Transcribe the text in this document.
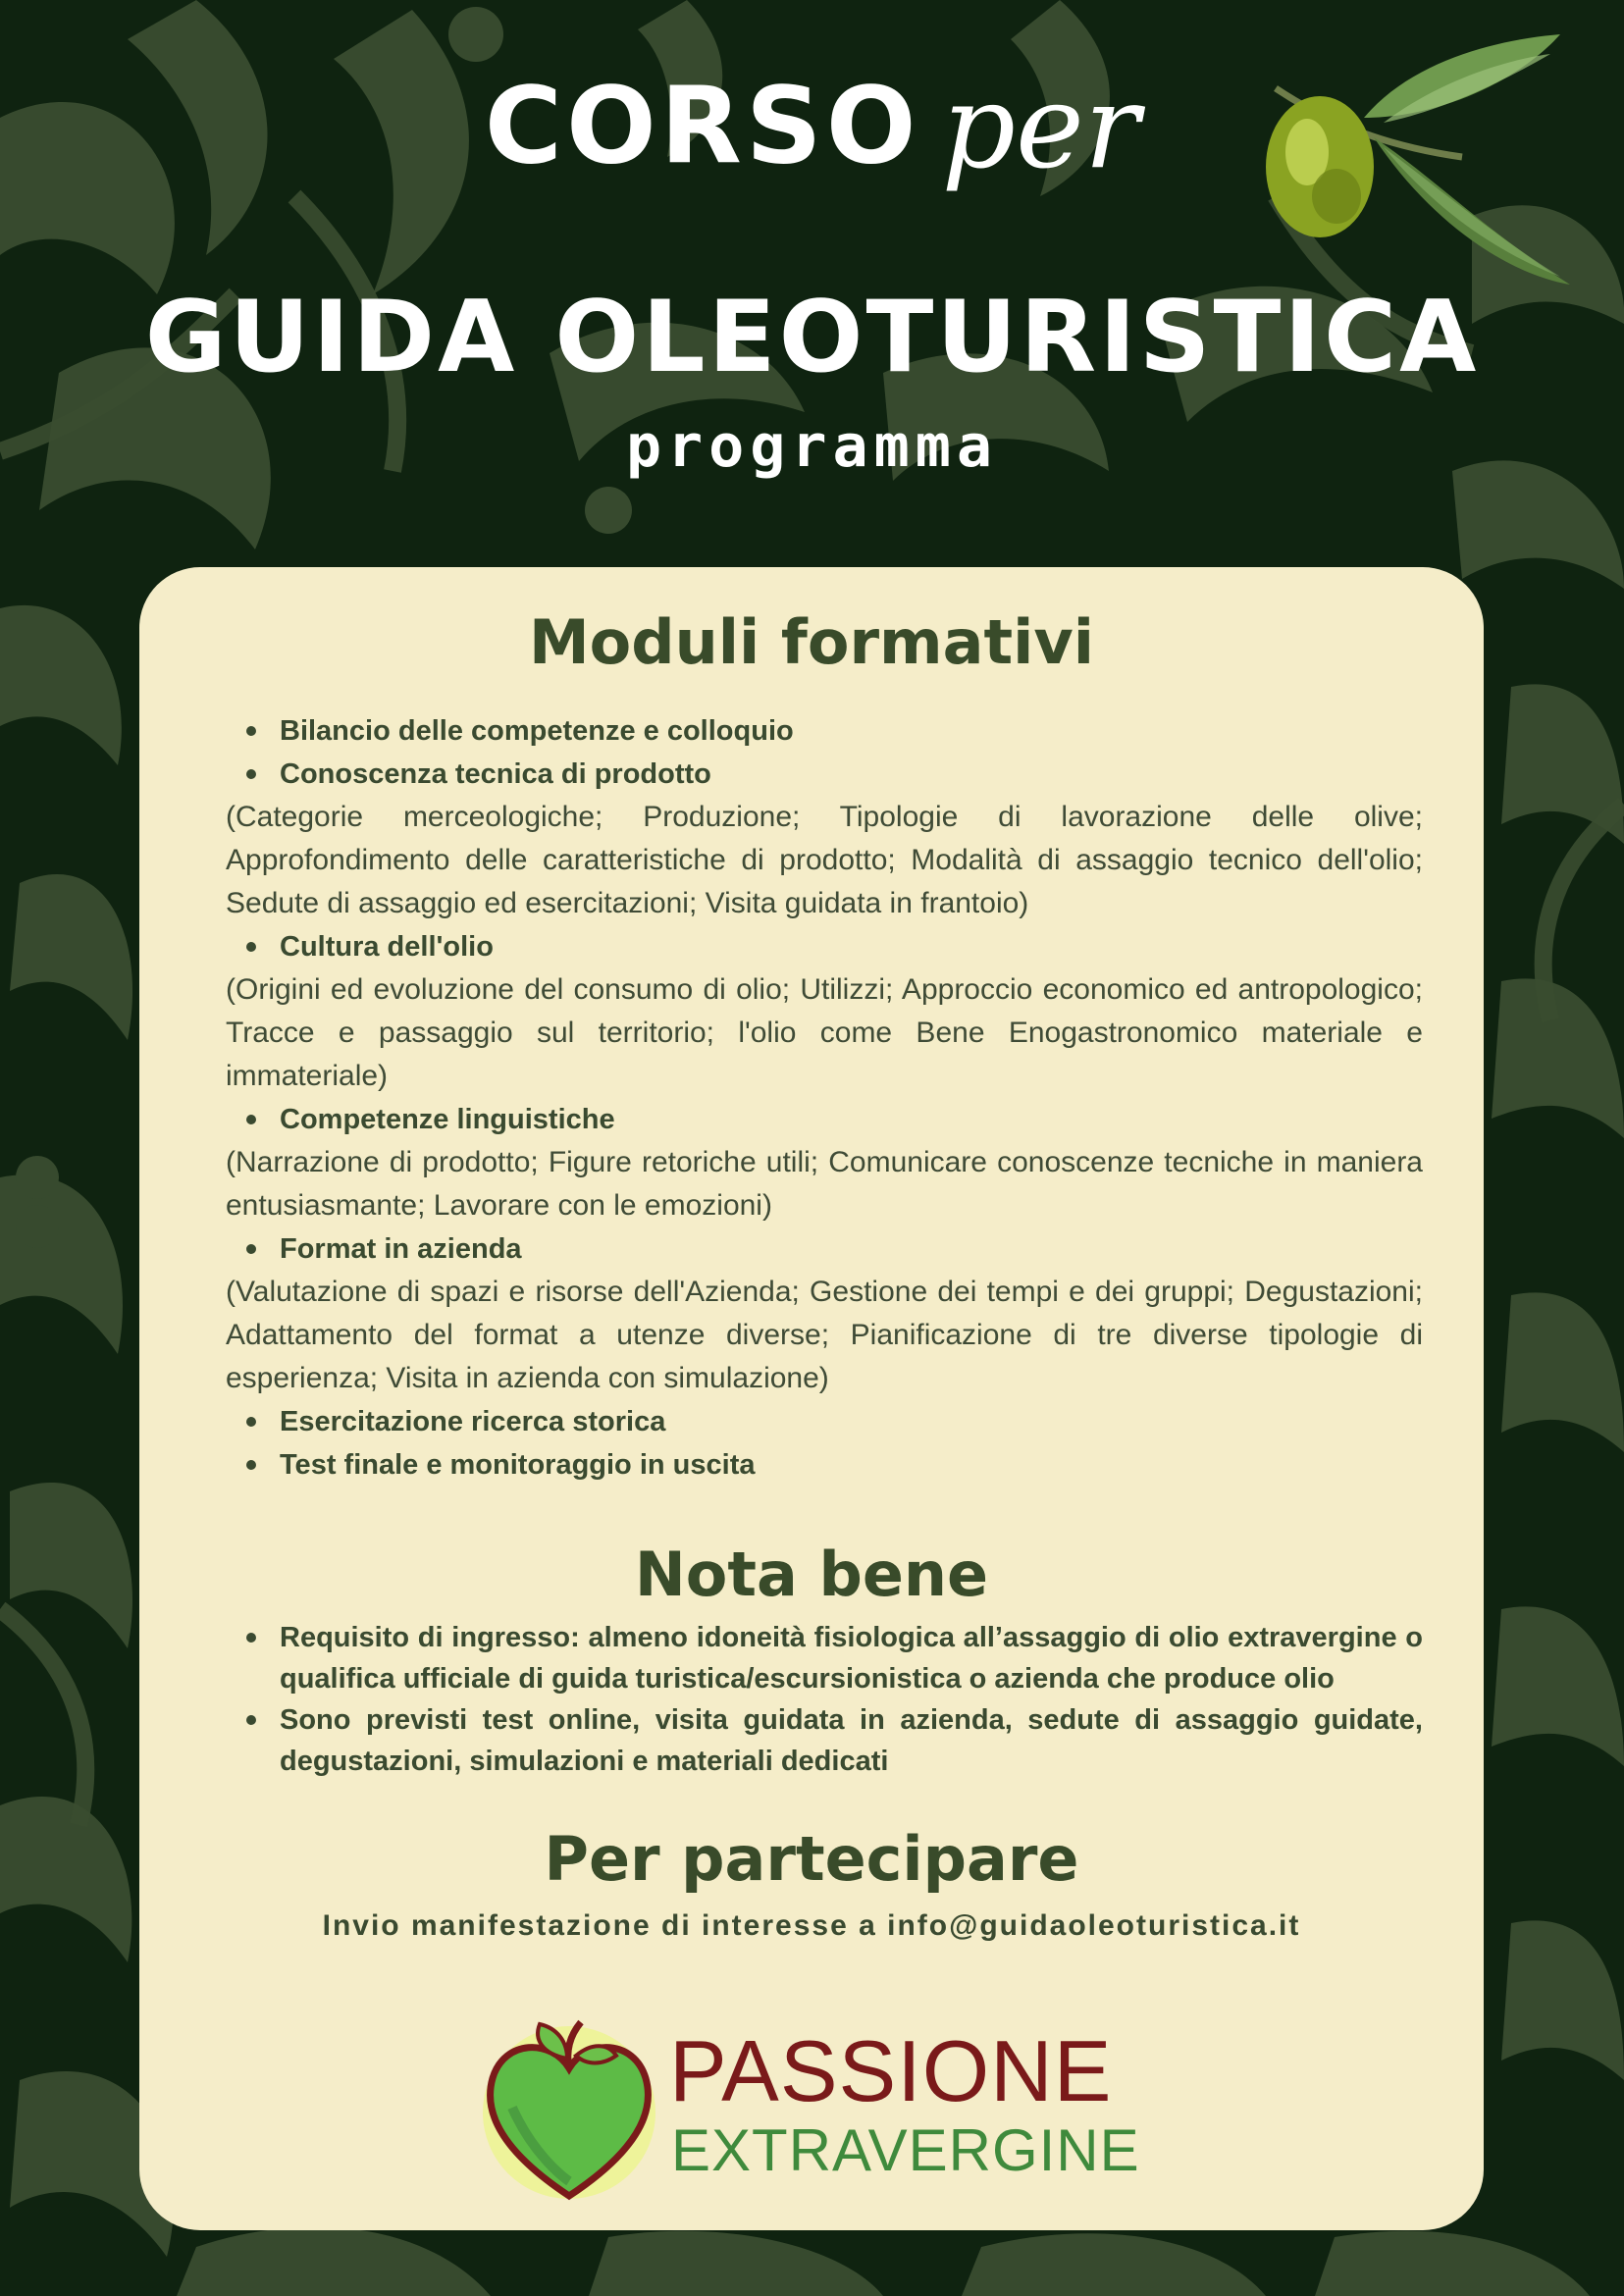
CORSO per
GUIDA OLEOTURISTICA
programma
Moduli formativi
Bilancio delle competenze e colloquio
Conoscenza tecnica di prodotto

(Categorie merceologiche; Produzione; Tipologie di lavorazione delle olive; Approfondimento delle caratteristiche di prodotto; Modalità di assaggio tecnico dell'olio; Sedute di assaggio ed esercitazioni; Visita guidata in frantoio)

Cultura dell'olio

(Origini ed evoluzione del consumo di olio; Utilizzi; Approccio economico ed antropologico; Tracce e passaggio sul territorio; l'olio come Bene Enogastronomico materiale e immateriale)

Competenze linguistiche

(Narrazione di prodotto; Figure retoriche utili; Comunicare conoscenze tecniche in maniera entusiasmante; Lavorare con le emozioni)

Format in azienda

(Valutazione di spazi e risorse dell'Azienda; Gestione dei tempi e dei gruppi; Degustazioni; Adattamento del format a utenze diverse; Pianificazione di tre diverse tipologie di esperienza; Visita in azienda con simulazione)

Esercitazione ricerca storica
Test finale e monitoraggio in uscita
Nota bene
Requisito di ingresso: almeno idoneità fisiologica all’assaggio di olio extravergine o qualifica ufficiale di guida turistica/escursionistica o azienda che produce olio
Sono previsti test online, visita guidata in azienda, sedute di assaggio guidate, degustazioni, simulazioni e materiali dedicati
Per partecipare
Invio manifestazione di interesse a info@guidaoleoturistica.it
PASSIONE
EXTRAVERGINE
